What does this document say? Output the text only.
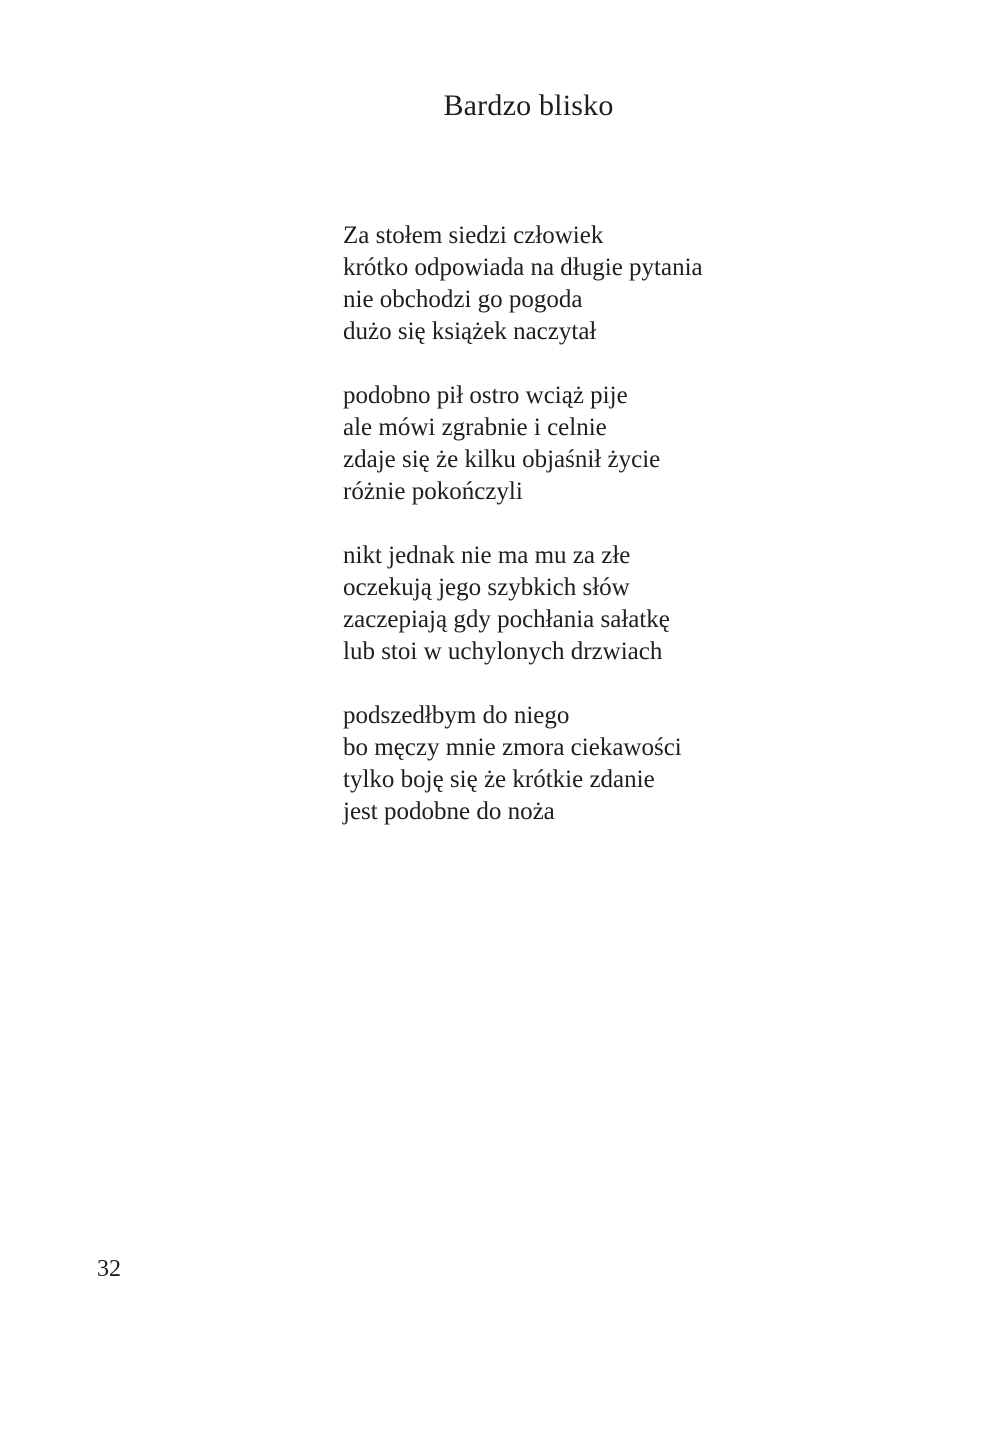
Bardzo blisko
Za stołem siedzi człowiek
krótko odpowiada na długie pytania
nie obchodzi go pogoda
dużo się książek naczytał
podobno pił ostro wciąż pije
ale mówi zgrabnie i celnie
zdaje się że kilku objaśnił życie
różnie pokończyli
nikt jednak nie ma mu za złe
oczekują jego szybkich słów
zaczepiają gdy pochłania sałatkę
lub stoi w uchylonych drzwiach
podszedłbym do niego
bo męczy mnie zmora ciekawości
tylko boję się że krótkie zdanie
jest podobne do noża
32
